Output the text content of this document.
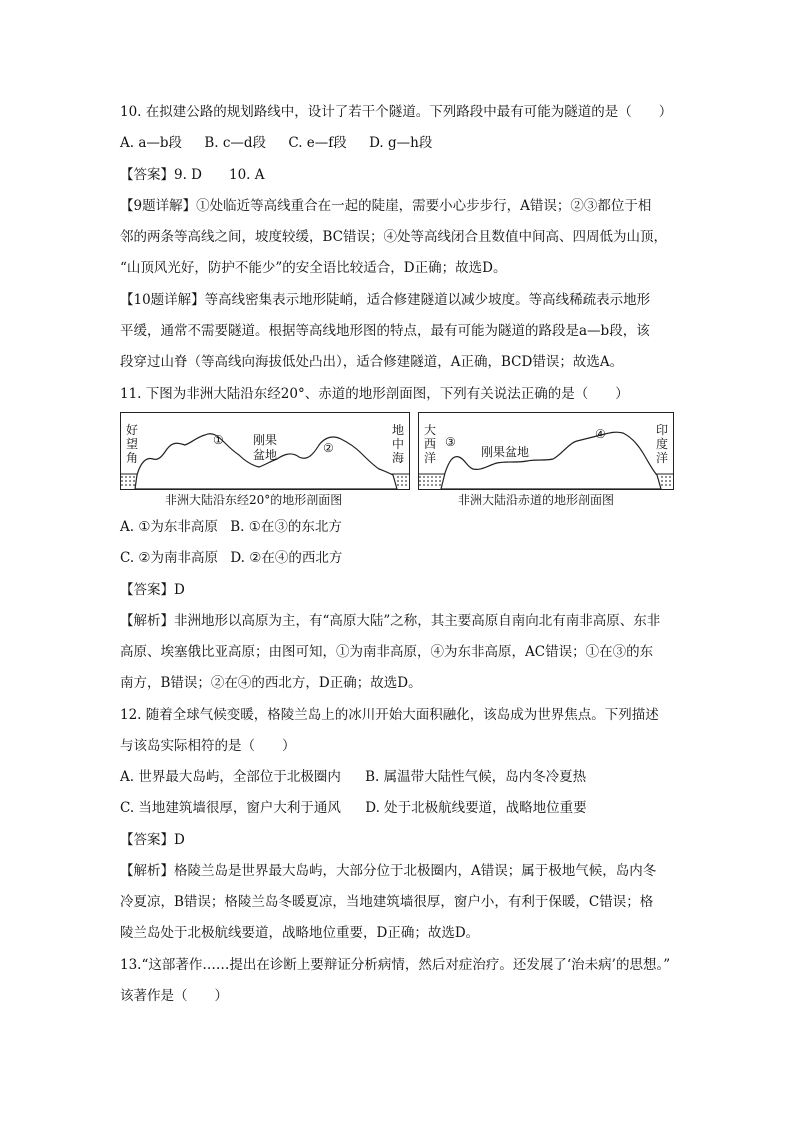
10. 在拟建公路的规划路线中，设计了若干个隧道。下列路段中最有可能为隧道的是（　　）
A. a—b段 B. c—d段 C. e—f段 D. g—h段
【答案】9. D　　10. A
【9题详解】①处临近等高线重合在一起的陡崖，需要小心步步行，A错误；②③都位于相
邻的两条等高线之间，坡度较缓，BC错误；④处等高线闭合且数值中间高、四周低为山顶，
“山顶风光好，防护不能少”的安全语比较适合，D正确；故选D。
【10题详解】等高线密集表示地形陡峭，适合修建隧道以减少坡度。等高线稀疏表示地形
平缓，通常不需要隧道。根据等高线地形图的特点，最有可能为隧道的路段是a—b段，该
段穿过山脊（等高线向海拔低处凸出），适合修建隧道，A正确，BCD错误；故选A。
11. 下图为非洲大陆沿东经20°、赤道的地形剖面图，下列有关说法正确的是（　　）
好望角
地中海
①
②
刚果盆地
非洲大陆沿东经20°的地形剖面图
大西洋
印度洋
③
④
刚果盆地
非洲大陆沿赤道的地形剖面图
A. ①为东非高原 B. ①在③的东北方
C. ②为南非高原 D. ②在④的西北方
【答案】D
【解析】非洲地形以高原为主，有“高原大陆”之称，其主要高原自南向北有南非高原、东非
高原、埃塞俄比亚高原；由图可知，①为南非高原，④为东非高原，AC错误；①在③的东
南方，B错误；②在④的西北方，D正确；故选D。
12. 随着全球气候变暖，格陵兰岛上的冰川开始大面积融化，该岛成为世界焦点。下列描述
与该岛实际相符的是（　　）
A. 世界最大岛屿，全部位于北极圈内 B. 属温带大陆性气候，岛内冬冷夏热
C. 当地建筑墙很厚，窗户大利于通风 D. 处于北极航线要道，战略地位重要
【答案】D
【解析】格陵兰岛是世界最大岛屿，大部分位于北极圈内，A错误；属于极地气候，岛内冬
冷夏凉，B错误；格陵兰岛冬暖夏凉，当地建筑墙很厚，窗户小，有利于保暖，C错误；格
陵兰岛处于北极航线要道，战略地位重要，D正确；故选D。
13.“这部著作……提出在诊断上要辩证分析病情，然后对症治疗。还发展了‘治未病’的思想。”
该著作是（　　）
